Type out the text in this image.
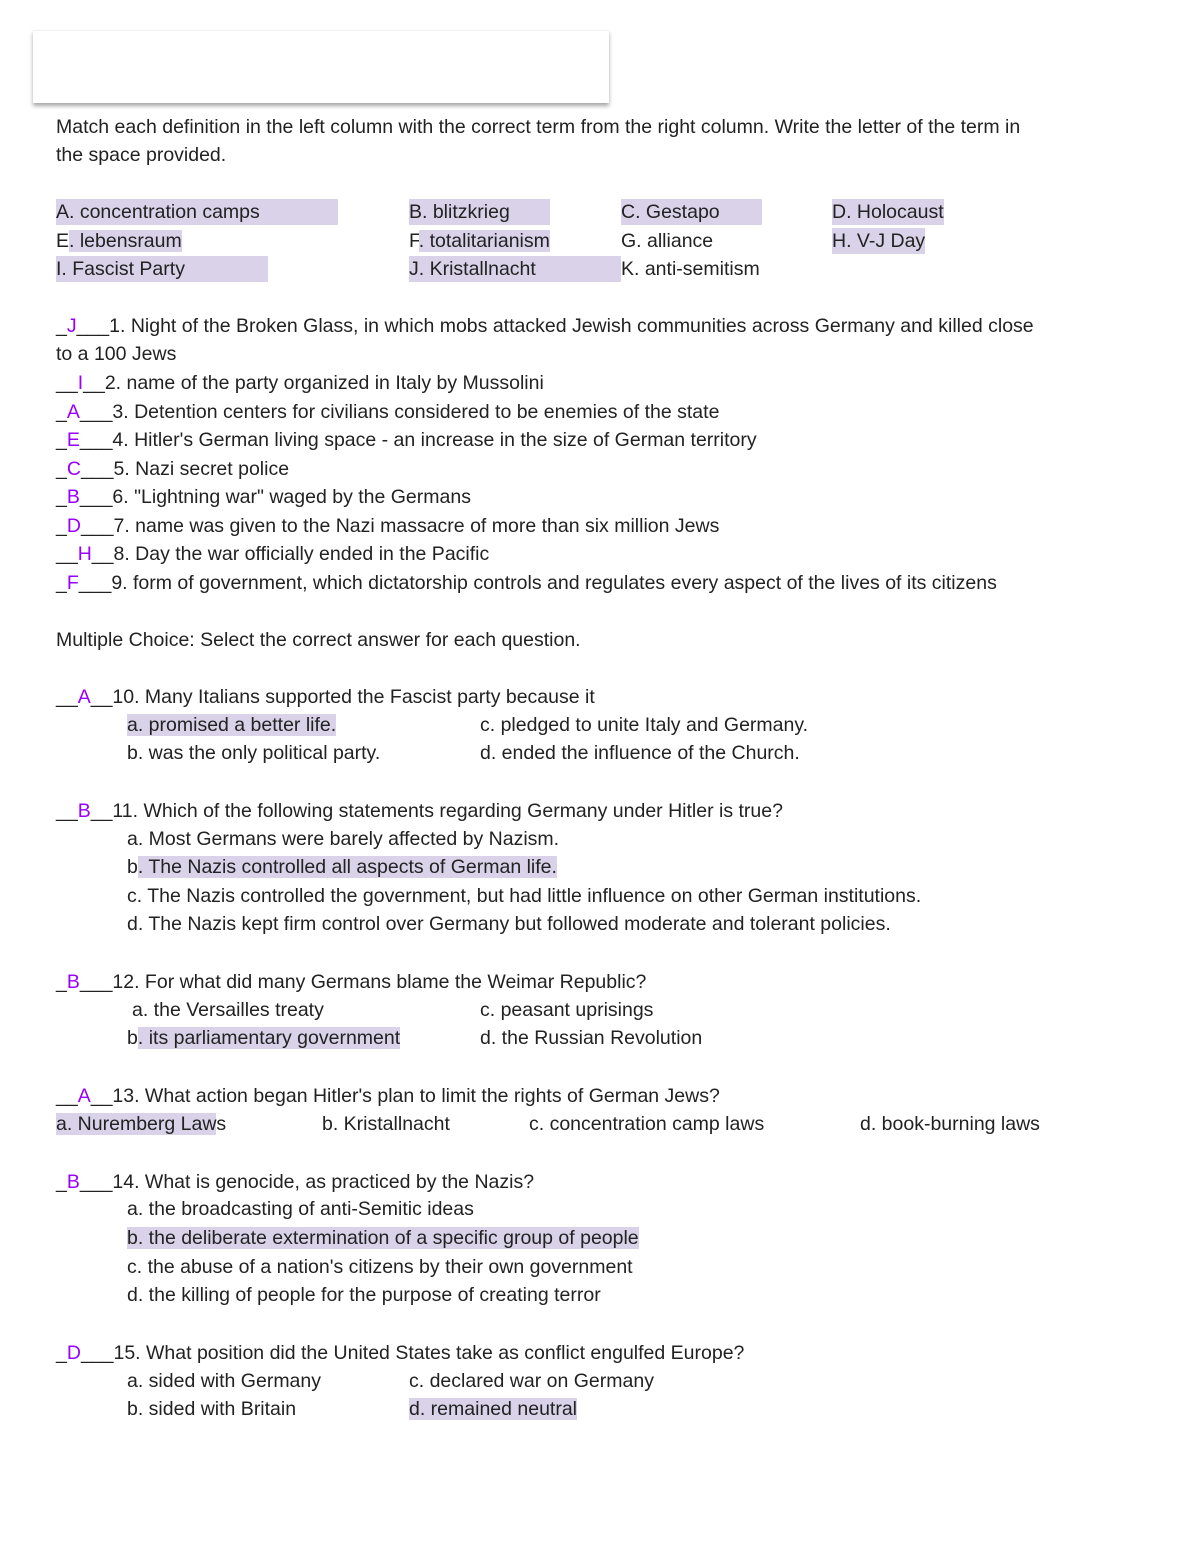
Match each definition in the left column with the correct term from the right column. Write the letter of the term in
the space provided.
A. concentration camps	B. blitzkrieg	C. Gestapo	D. Holocaust
E. lebensraum	F. totalitarianism	G. alliance	H. V-J Day
I. Fascist Party	J. Kristallnacht	K. anti-semitism
_J___1. Night of the Broken Glass, in which mobs attacked Jewish communities across Germany and killed close
to a 100 Jews
__I__2. name of the party organized in Italy by Mussolini
_A___3. Detention centers for civilians considered to be enemies of the state
_E___4. Hitler's German living space - an increase in the size of German territory
_C___5. Nazi secret police
_B___6. "Lightning war" waged by the Germans
_D___7. name was given to the Nazi massacre of more than six million Jews
__H__8. Day the war officially ended in the Pacific
_F___9. form of government, which dictatorship controls and regulates every aspect of the lives of its citizens
Multiple Choice: Select the correct answer for each question.
__A__10. Many Italians supported the Fascist party because it
a. promised a better life.	c. pledged to unite Italy and Germany.
b. was the only political party.	d. ended the influence of the Church.
__B__11. Which of the following statements regarding Germany under Hitler is true?
a. Most Germans were barely affected by Nazism.
b. The Nazis controlled all aspects of German life.
c. The Nazis controlled the government, but had little influence on other German institutions.
d. The Nazis kept firm control over Germany but followed moderate and tolerant policies.
_B___12. For what did many Germans blame the Weimar Republic?
a. the Versailles treaty	c. peasant uprisings
b. its parliamentary government	d. the Russian Revolution
__A__13. What action began Hitler's plan to limit the rights of German Jews?
a. Nuremberg Laws	b. Kristallnacht	c. concentration camp laws	d. book-burning laws
_B___14. What is genocide, as practiced by the Nazis?
a. the broadcasting of anti-Semitic ideas
b. the deliberate extermination of a specific group of people
c. the abuse of a nation's citizens by their own government
d. the killing of people for the purpose of creating terror
_D___15. What position did the United States take as conflict engulfed Europe?
a. sided with Germany	c. declared war on Germany
b. sided with Britain	d. remained neutral
